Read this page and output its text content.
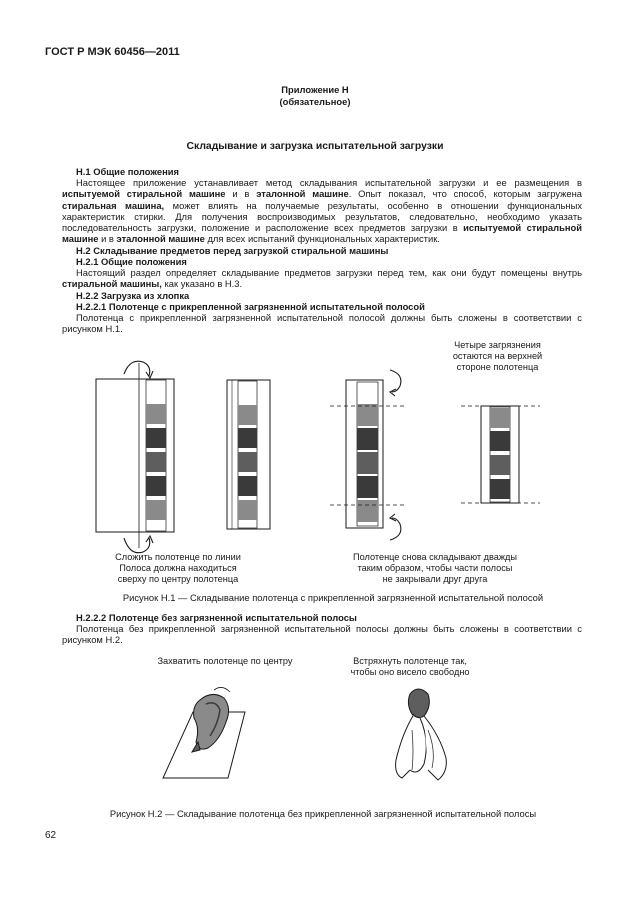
ГОСТ Р МЭК 60456—2011
Приложение Н
(обязательное)
Складывание и загрузка испытательной загрузки
Н.1 Общие положения
Настоящее приложение устанавливает метод складывания испытательной загрузки и ее размещения в испытуемой стиральной машине и в эталонной машине. Опыт показал, что способ, которым загружена стиральная машина, может влиять на получаемые результаты, особенно в отношении функциональных характеристик стирки. Для получения воспроизводимых результатов, следовательно, необходимо указать последовательность загрузки, положение и расположение всех предметов загрузки в испытуемой стиральной машине и в эталонной машине для всех испытаний функциональных характеристик.
Н.2 Складывание предметов перед загрузкой стиральной машины
Н.2.1 Общие положения
Настоящий раздел определяет складывание предметов загрузки перед тем, как они будут помещены внутрь стиральной машины, как указано в Н.3.
Н.2.2 Загрузка из хлопка
Н.2.2.1 Полотенце с прикрепленной загрязненной испытательной полосой
Полотенца с прикрепленной загрязненной испытательной полосой должны быть сложены в соответствии с рисунком Н.1.
Четыре загрязнения
остаются на верхней
стороне полотенца
Сложить полотенце по линии
Полоса должна находиться
сверху по центру полотенца
Полотенце снова складывают дважды
таким образом, чтобы части полосы
не закрывали друг друга
Рисунок Н.1 — Складывание полотенца с прикрепленной загрязненной испытательной полосой
Н.2.2.2 Полотенце без загрязненной испытательной полосы
Полотенца без прикрепленной загрязненной испытательной полосы должны быть сложены в соответствии с рисунком Н.2.
Захватить полотенце по центру	Встряхнуть полотенце так,
чтобы оно висело свободно
Рисунок Н.2 — Складывание полотенца без прикрепленной загрязненной испытательной полосы
62
